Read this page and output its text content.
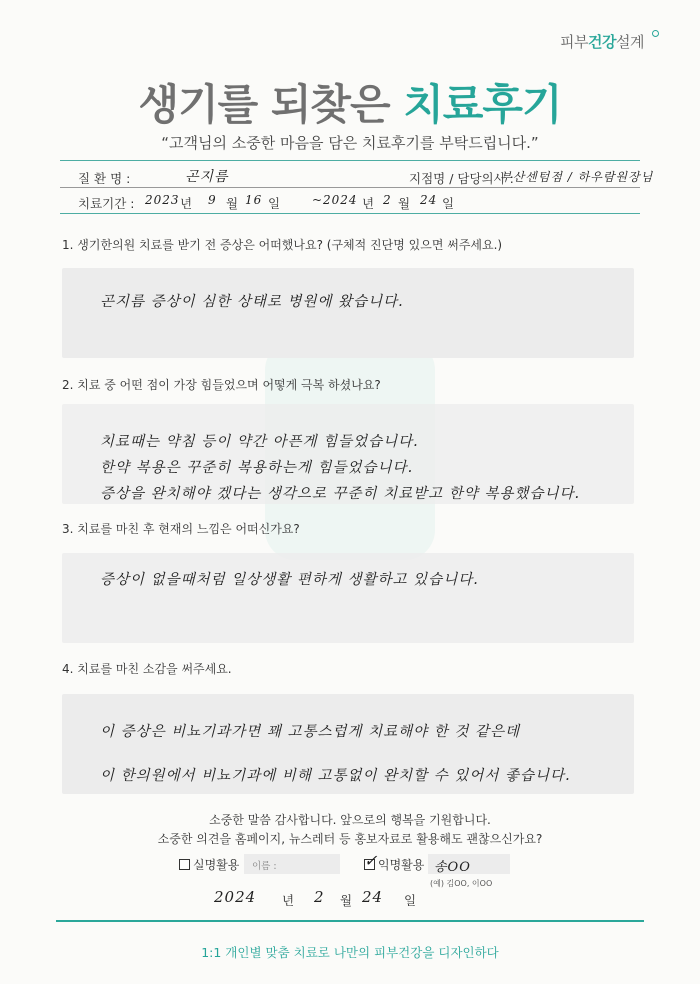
피부건강설계
생기를 되찾은 치료후기
“고객님의 소중한 마음을 담은 치료후기를 부탁드립니다.”
질 환 명 :	곤지름	지점명 / 담당의사 :
부산센텀점 / 하우람원장님
치료기간 : 2023 년 9 월 16 일	~ 2024 년 2 월 24 일
1. 생기한의원 치료를 받기 전 증상은 어떠했나요? (구체적 진단명 있으면 써주세요.)
곤지름 증상이 심한 상태로 병원에 왔습니다.
2. 치료 중 어떤 점이 가장 힘들었으며 어떻게 극복 하셨나요?
치료때는 약침 등이 약간 아픈게 힘들었습니다.
한약 복용은 꾸준히 복용하는게 힘들었습니다.
증상을 완치해야 겠다는 생각으로 꾸준히 치료받고 한약 복용했습니다.
3. 치료를 마친 후 현재의 느낌은 어떠신가요?
증상이 없을때처럼 일상생활 편하게 생활하고 있습니다.
4. 치료를 마친 소감을 써주세요.
이 증상은 비뇨기과가면 꽤 고통스럽게 치료해야 한 것 같은데
이 한의원에서 비뇨기과에 비해 고통없이 완치할 수 있어서 좋습니다.
소중한 말씀 감사합니다. 앞으로의 행복을 기원합니다.
소중한 의견을 홈페이지, 뉴스레터 등 홍보자료로 활용해도 괜찮으신가요?
실명활용 이름 :	✓ 익명활용 송OO
(예) 김OO, 이OO
2024 년 2 월 24 일
1:1 개인별 맞춤 치료로 나만의 피부건강을 디자인하다
